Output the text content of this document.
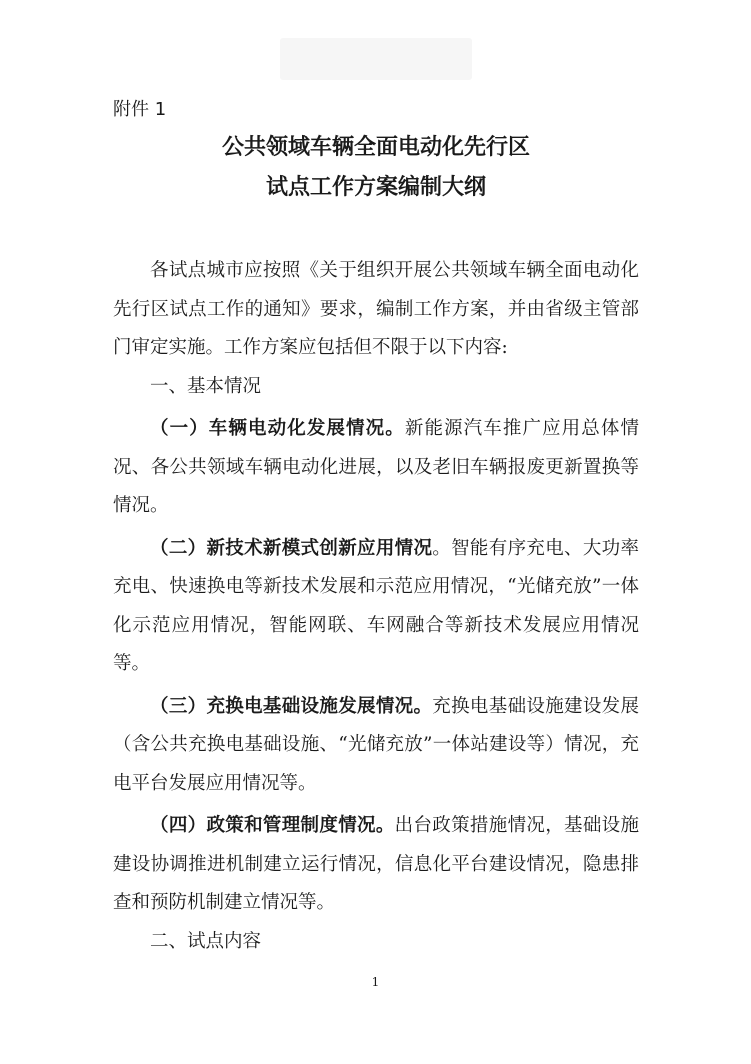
附件 1
公共领域车辆全面电动化先行区
试点工作方案编制大纲

各试点城市应按照《关于组织开展公共领域车辆全面电动化先行区试点工作的通知》要求，编制工作方案，并由省级主管部门审定实施。工作方案应包括但不限于以下内容:

一、基本情况

（一）车辆电动化发展情况。新能源汽车推广应用总体情况、各公共领域车辆电动化进展，以及老旧车辆报废更新置换等情况。

（二）新技术新模式创新应用情况。智能有序充电、大功率充电、快速换电等新技术发展和示范应用情况，“光储充放”一体化示范应用情况，智能网联、车网融合等新技术发展应用情况等。

（三）充换电基础设施发展情况。充换电基础设施建设发展（含公共充换电基础设施、“光储充放”一体站建设等）情况，充电平台发展应用情况等。

（四）政策和管理制度情况。出台政策措施情况，基础设施建设协调推进机制建立运行情况，信息化平台建设情况，隐患排查和预防机制建立情况等。

二、试点内容

1
